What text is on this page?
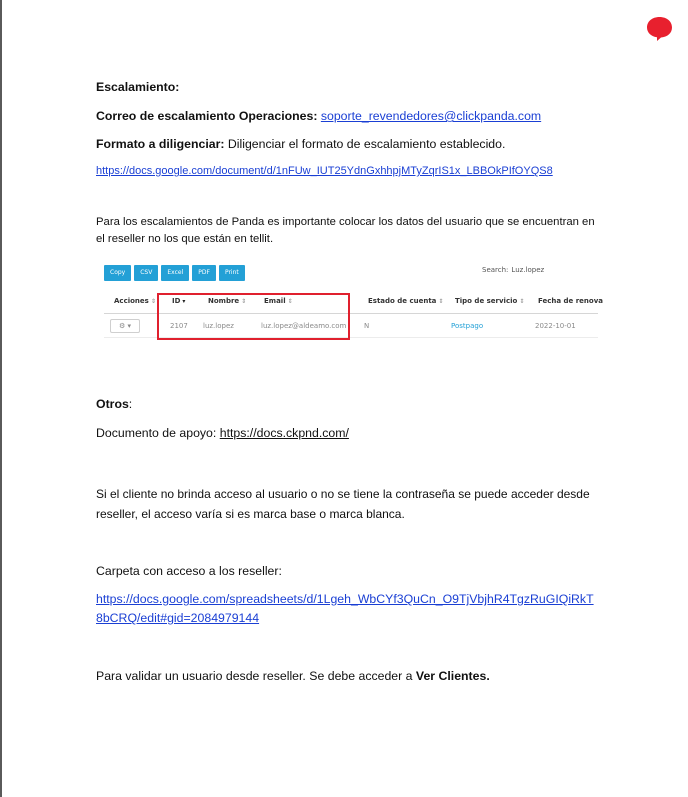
Escalamiento:
Correo de escalamiento Operaciones: soporte_revendedores@clickpanda.com
Formato a diligenciar: Diligenciar el formato de escalamiento establecido.
https://docs.google.com/document/d/1nFUw_IUT25YdnGxhhpjMTyZqrIS1x_LBBOkPIfOYQS8
Para los escalamientos de Panda es importante colocar los datos del usuario que se encuentran en el reseller no los que están en tellit.
Otros:
Documento de apoyo: https://docs.ckpnd.com/
Si el cliente no brinda acceso al usuario o no se tiene la contraseña se puede acceder desde reseller, el acceso varía si es marca base o marca blanca.
Carpeta con acceso a los reseller:
https://docs.google.com/spreadsheets/d/1Lgeh_WbCYf3QuCn_O9TjVbjhR4TgzRuGIQiRkT8bCRQ/edit#gid=2084979144
Para validar un usuario desde reseller. Se debe acceder a Ver Clientes.
Copy	CSV	Excel	PDF	Print	Search: Luz.lopez
Acciones ⇕ ID ▾	Nombre ⇕	Email ⇕	Estado de cuenta ⇕ Tipo de servicio ⇕ Fecha de renova
⚙ ▾	2107 luz.lopez	luz.lopez@aldeamo.com	N	Postpago	2022-10-01
